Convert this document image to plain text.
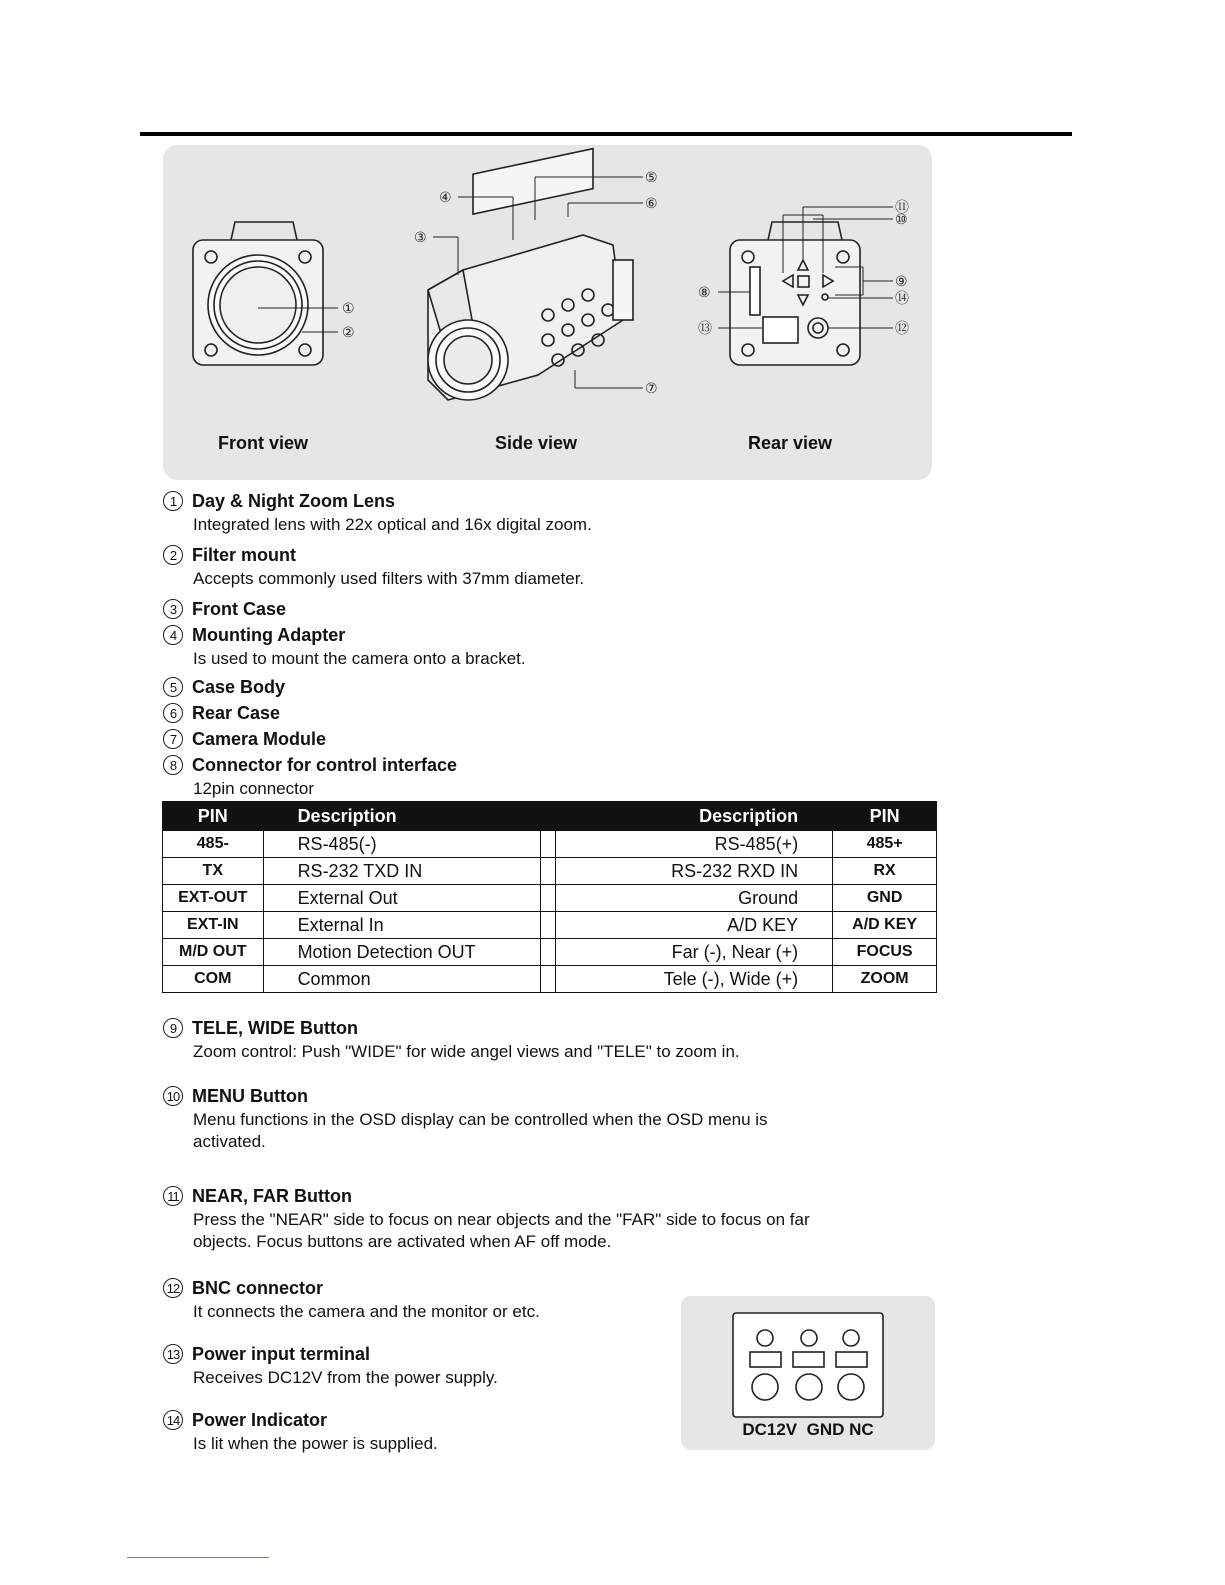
①
②
③
④
⑤
⑥
⑦
⑧
⑨
⑩
⑪
⑫
⑬
⑭
Front view	Side view	Rear view
1 Day & Night Zoom Lens
Integrated lens with 22x optical and 16x digital zoom.
2 Filter mount
Accepts commonly used filters with 37mm diameter.
3 Front Case
4 Mounting Adapter
Is used to mount the camera onto a bracket.
5 Case Body
6 Rear Case
7 Camera Module
8 Connector for control interface
12pin connector
PIN	Description		Description	PIN
485-	RS-485(-)		RS-485(+)	485+
TX	RS-232 TXD IN		RS-232 RXD IN	RX
EXT-OUT	External Out		Ground	GND
EXT-IN	External In		A/D KEY	A/D KEY
M/D OUT	Motion Detection OUT		Far (-), Near (+)	FOCUS
COM	Common		Tele (-), Wide (+)	ZOOM
9 TELE, WIDE Button
Zoom control: Push "WIDE" for wide angel views and "TELE" to zoom in.
10 MENU Button
Menu functions in the OSD display can be controlled when the OSD menu is activated.
11 NEAR, FAR Button
Press the "NEAR" side to focus on near objects and the "FAR" side to focus on far objects. Focus buttons are activated when AF off mode.
12 BNC connector
It connects the camera and the monitor or etc.
13 Power input terminal
Receives DC12V from the power supply.
14 Power Indicator
Is lit when the power is supplied.
DC12V  GND NC
